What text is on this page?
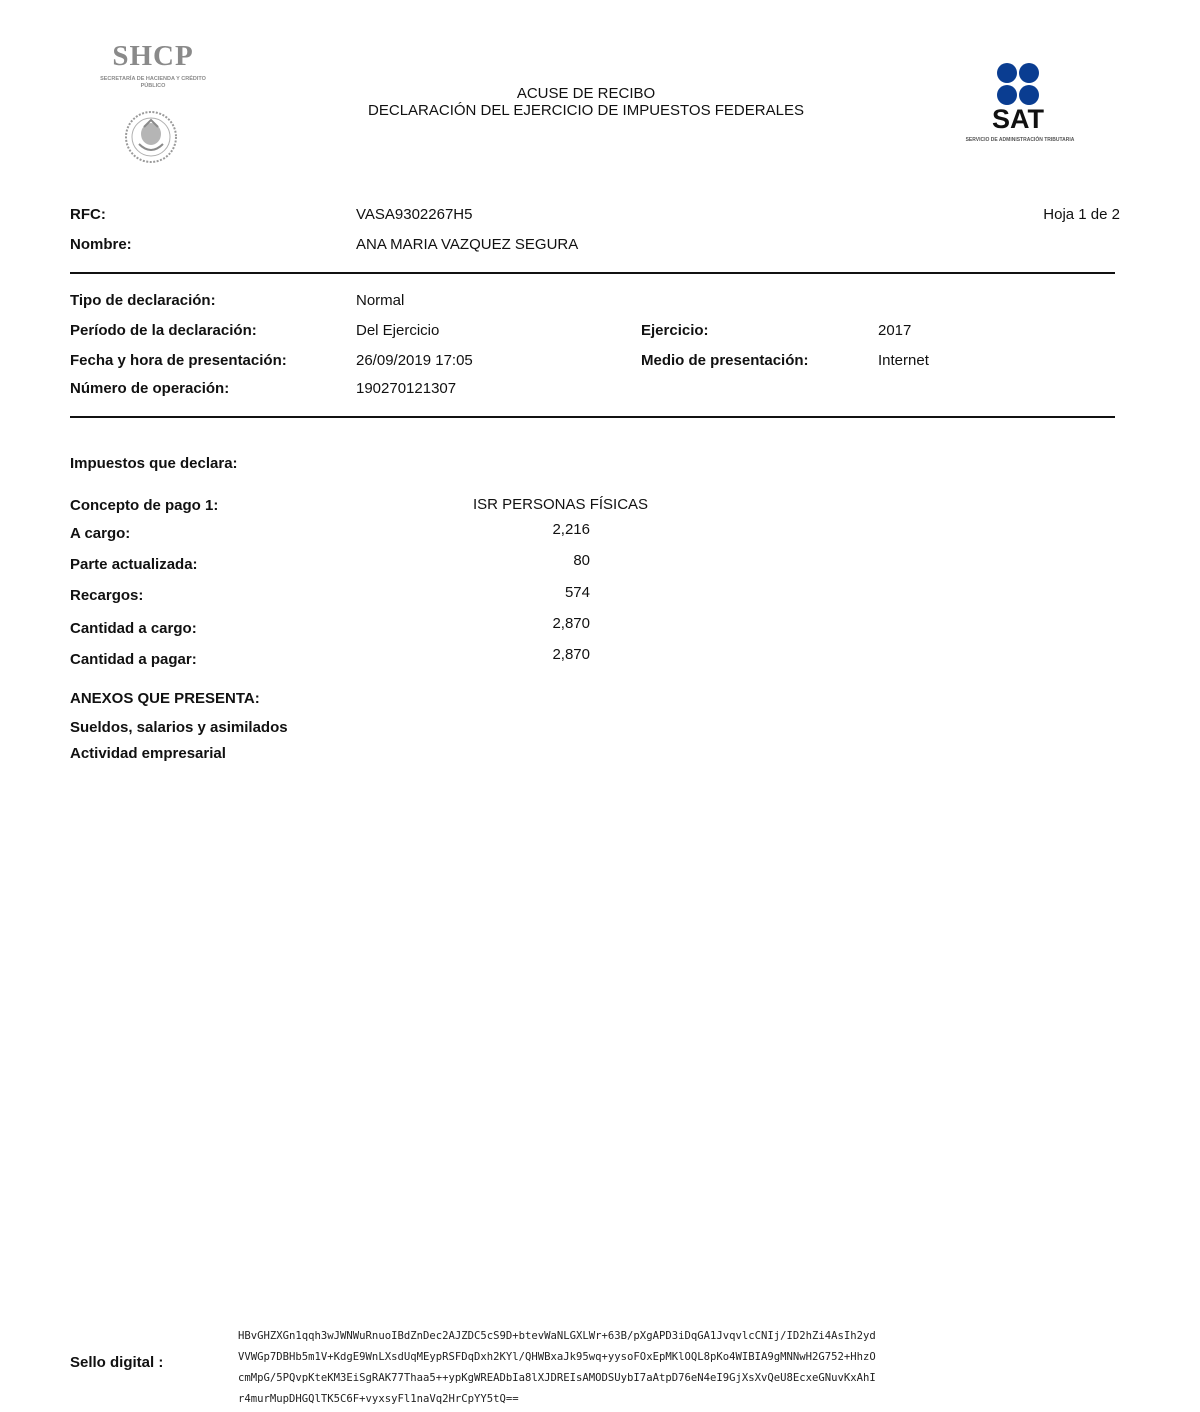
SHCP
SECRETARÍA DE HACIENDA Y CRÉDITO PÚBLICO	ACUSE DE RECIBO
DECLARACIÓN DEL EJERCICIO DE IMPUESTOS FEDERALES	SAT
SERVICIO DE ADMINISTRACIÓN TRIBUTARIA
RFC:	VASA9302267H5	Hoja 1 de 2
Nombre:	ANA MARIA VAZQUEZ SEGURA
Tipo de declaración:	Normal
Período de la declaración:	Del Ejercicio	Ejercicio:	2017
Fecha y hora de presentación:	26/09/2019 17:05	Medio de presentación:	Internet
Número de operación:	190270121307
Impuestos que declara:
Concepto de pago 1:	ISR PERSONAS FÍSICAS
A cargo:	2,216
Parte actualizada:	80
Recargos:	574
Cantidad a cargo:	2,870
Cantidad a pagar:	2,870
ANEXOS QUE PRESENTA:
Sueldos, salarios y asimilados
Actividad empresarial
Sello digital :
HBvGHZXGn1qqh3wJWNWuRnuoIBdZnDec2AJZDC5cS9D+btevWaNLGXLWr+63B/pXgAPD3iDqGA1JvqvlcCNIj/ID2hZi4AsIh2yd
VVWGp7DBHb5m1V+KdgE9WnLXsdUqMEypRSFDqDxh2KYl/QHWBxaJk95wq+yysoFOxEpMKlOQL8pKo4WIBIA9gMNNwH2G752+HhzO
cmMpG/5PQvpKteKM3EiSgRAK77Thaa5++ypKgWREADbIa8lXJDREIsAMODSUybI7aAtpD76eN4eI9GjXsXvQeU8EcxeGNuvKxAhI
r4murMupDHGQlTK5C6F+vyxsyFl1naVq2HrCpYY5tQ==
